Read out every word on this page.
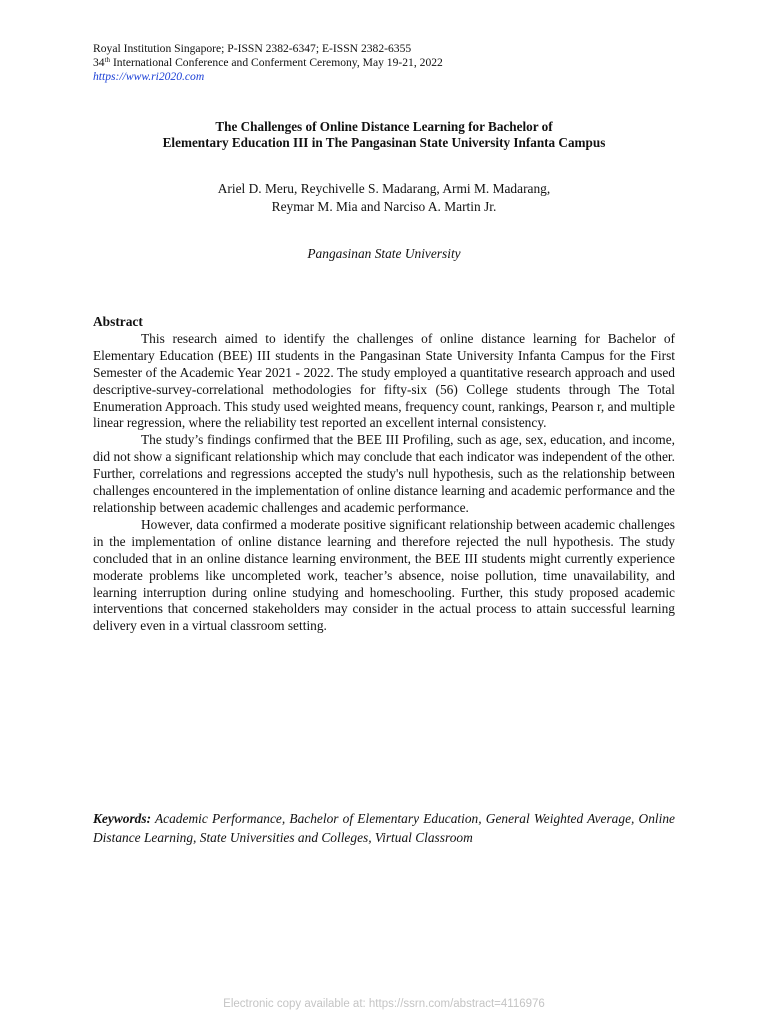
Royal Institution Singapore; P-ISSN 2382-6347; E-ISSN 2382-6355
34th International Conference and Conferment Ceremony, May 19-21, 2022
https://www.ri2020.com
The Challenges of Online Distance Learning for Bachelor of
Elementary Education III in The Pangasinan State University Infanta Campus
Ariel D. Meru, Reychivelle S. Madarang, Armi M. Madarang,
Reymar M. Mia and Narciso A. Martin Jr.
Pangasinan State University
Abstract

This research aimed to identify the challenges of online distance learning for Bachelor of Elementary Education (BEE) III students in the Pangasinan State University Infanta Campus for the First Semester of the Academic Year 2021 - 2022. The study employed a quantitative research approach and used descriptive-survey-correlational methodologies for fifty-six (56) College students through The Total Enumeration Approach. This study used weighted means, frequency count, rankings, Pearson r, and multiple linear regression, where the reliability test reported an excellent internal consistency.

The study’s findings confirmed that the BEE III Profiling, such as age, sex, education, and income, did not show a significant relationship which may conclude that each indicator was independent of the other. Further, correlations and regressions accepted the study's null hypothesis, such as the relationship between challenges encountered in the implementation of online distance learning and academic performance and the relationship between academic challenges and academic performance.

However, data confirmed a moderate positive significant relationship between academic challenges in the implementation of online distance learning and therefore rejected the null hypothesis. The study concluded that in an online distance learning environment, the BEE III students might currently experience moderate problems like uncompleted work, teacher’s absence, noise pollution, time unavailability, and learning interruption during online studying and homeschooling. Further, this study proposed academic interventions that concerned stakeholders may consider in the actual process to attain successful learning delivery even in a virtual classroom setting.

Keywords: Academic Performance, Bachelor of Elementary Education, General Weighted Average, Online Distance Learning, State Universities and Colleges, Virtual Classroom
Electronic copy available at: https://ssrn.com/abstract=4116976
